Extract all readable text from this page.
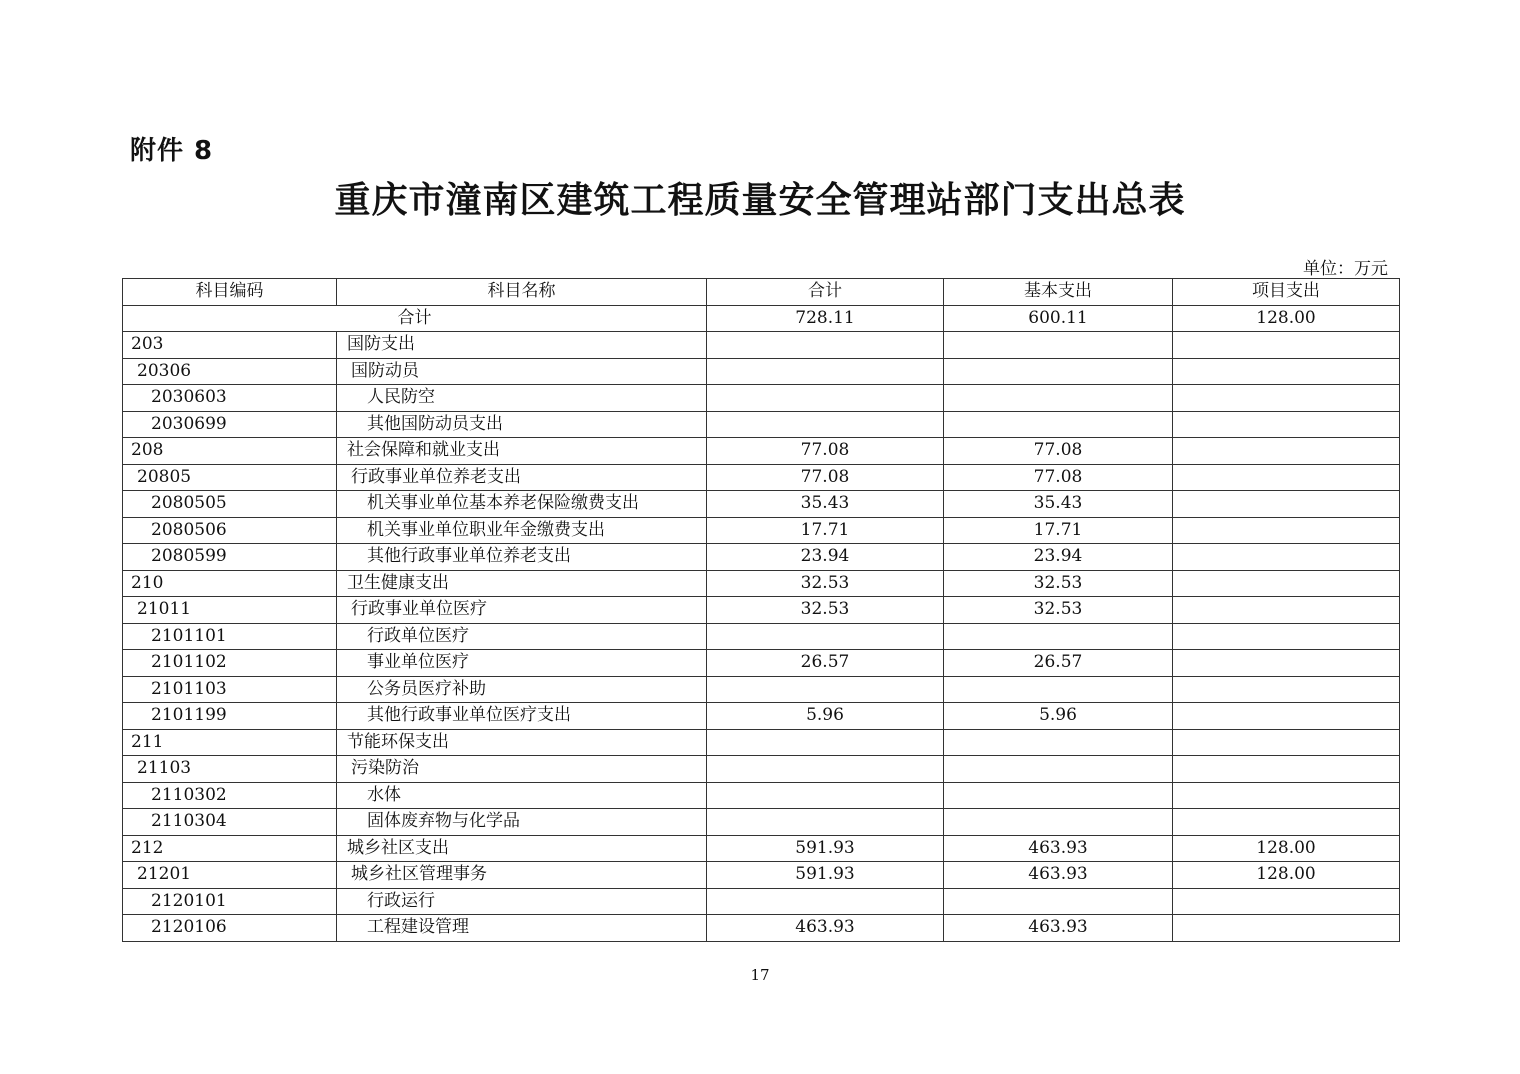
附件 8
重庆市潼南区建筑工程质量安全管理站部门支出总表
单位：万元
科目编码	科目名称	合计	基本支出	项目支出
合计		728.11	600.11	128.00
203	国防支出			
20306	国防动员			
2030603	人民防空			
2030699	其他国防动员支出			
208	社会保障和就业支出	77.08	77.08	
20805	行政事业单位养老支出	77.08	77.08	
2080505	机关事业单位基本养老保险缴费支出	35.43	35.43	
2080506	机关事业单位职业年金缴费支出	17.71	17.71	
2080599	其他行政事业单位养老支出	23.94	23.94	
210	卫生健康支出	32.53	32.53	
21011	行政事业单位医疗	32.53	32.53	
2101101	行政单位医疗			
2101102	事业单位医疗	26.57	26.57	
2101103	公务员医疗补助			
2101199	其他行政事业单位医疗支出	5.96	5.96	
211	节能环保支出			
21103	污染防治			
2110302	水体			
2110304	固体废弃物与化学品			
212	城乡社区支出	591.93	463.93	128.00
21201	城乡社区管理事务	591.93	463.93	128.00
2120101	行政运行			
2120106	工程建设管理	463.93	463.93	
17
